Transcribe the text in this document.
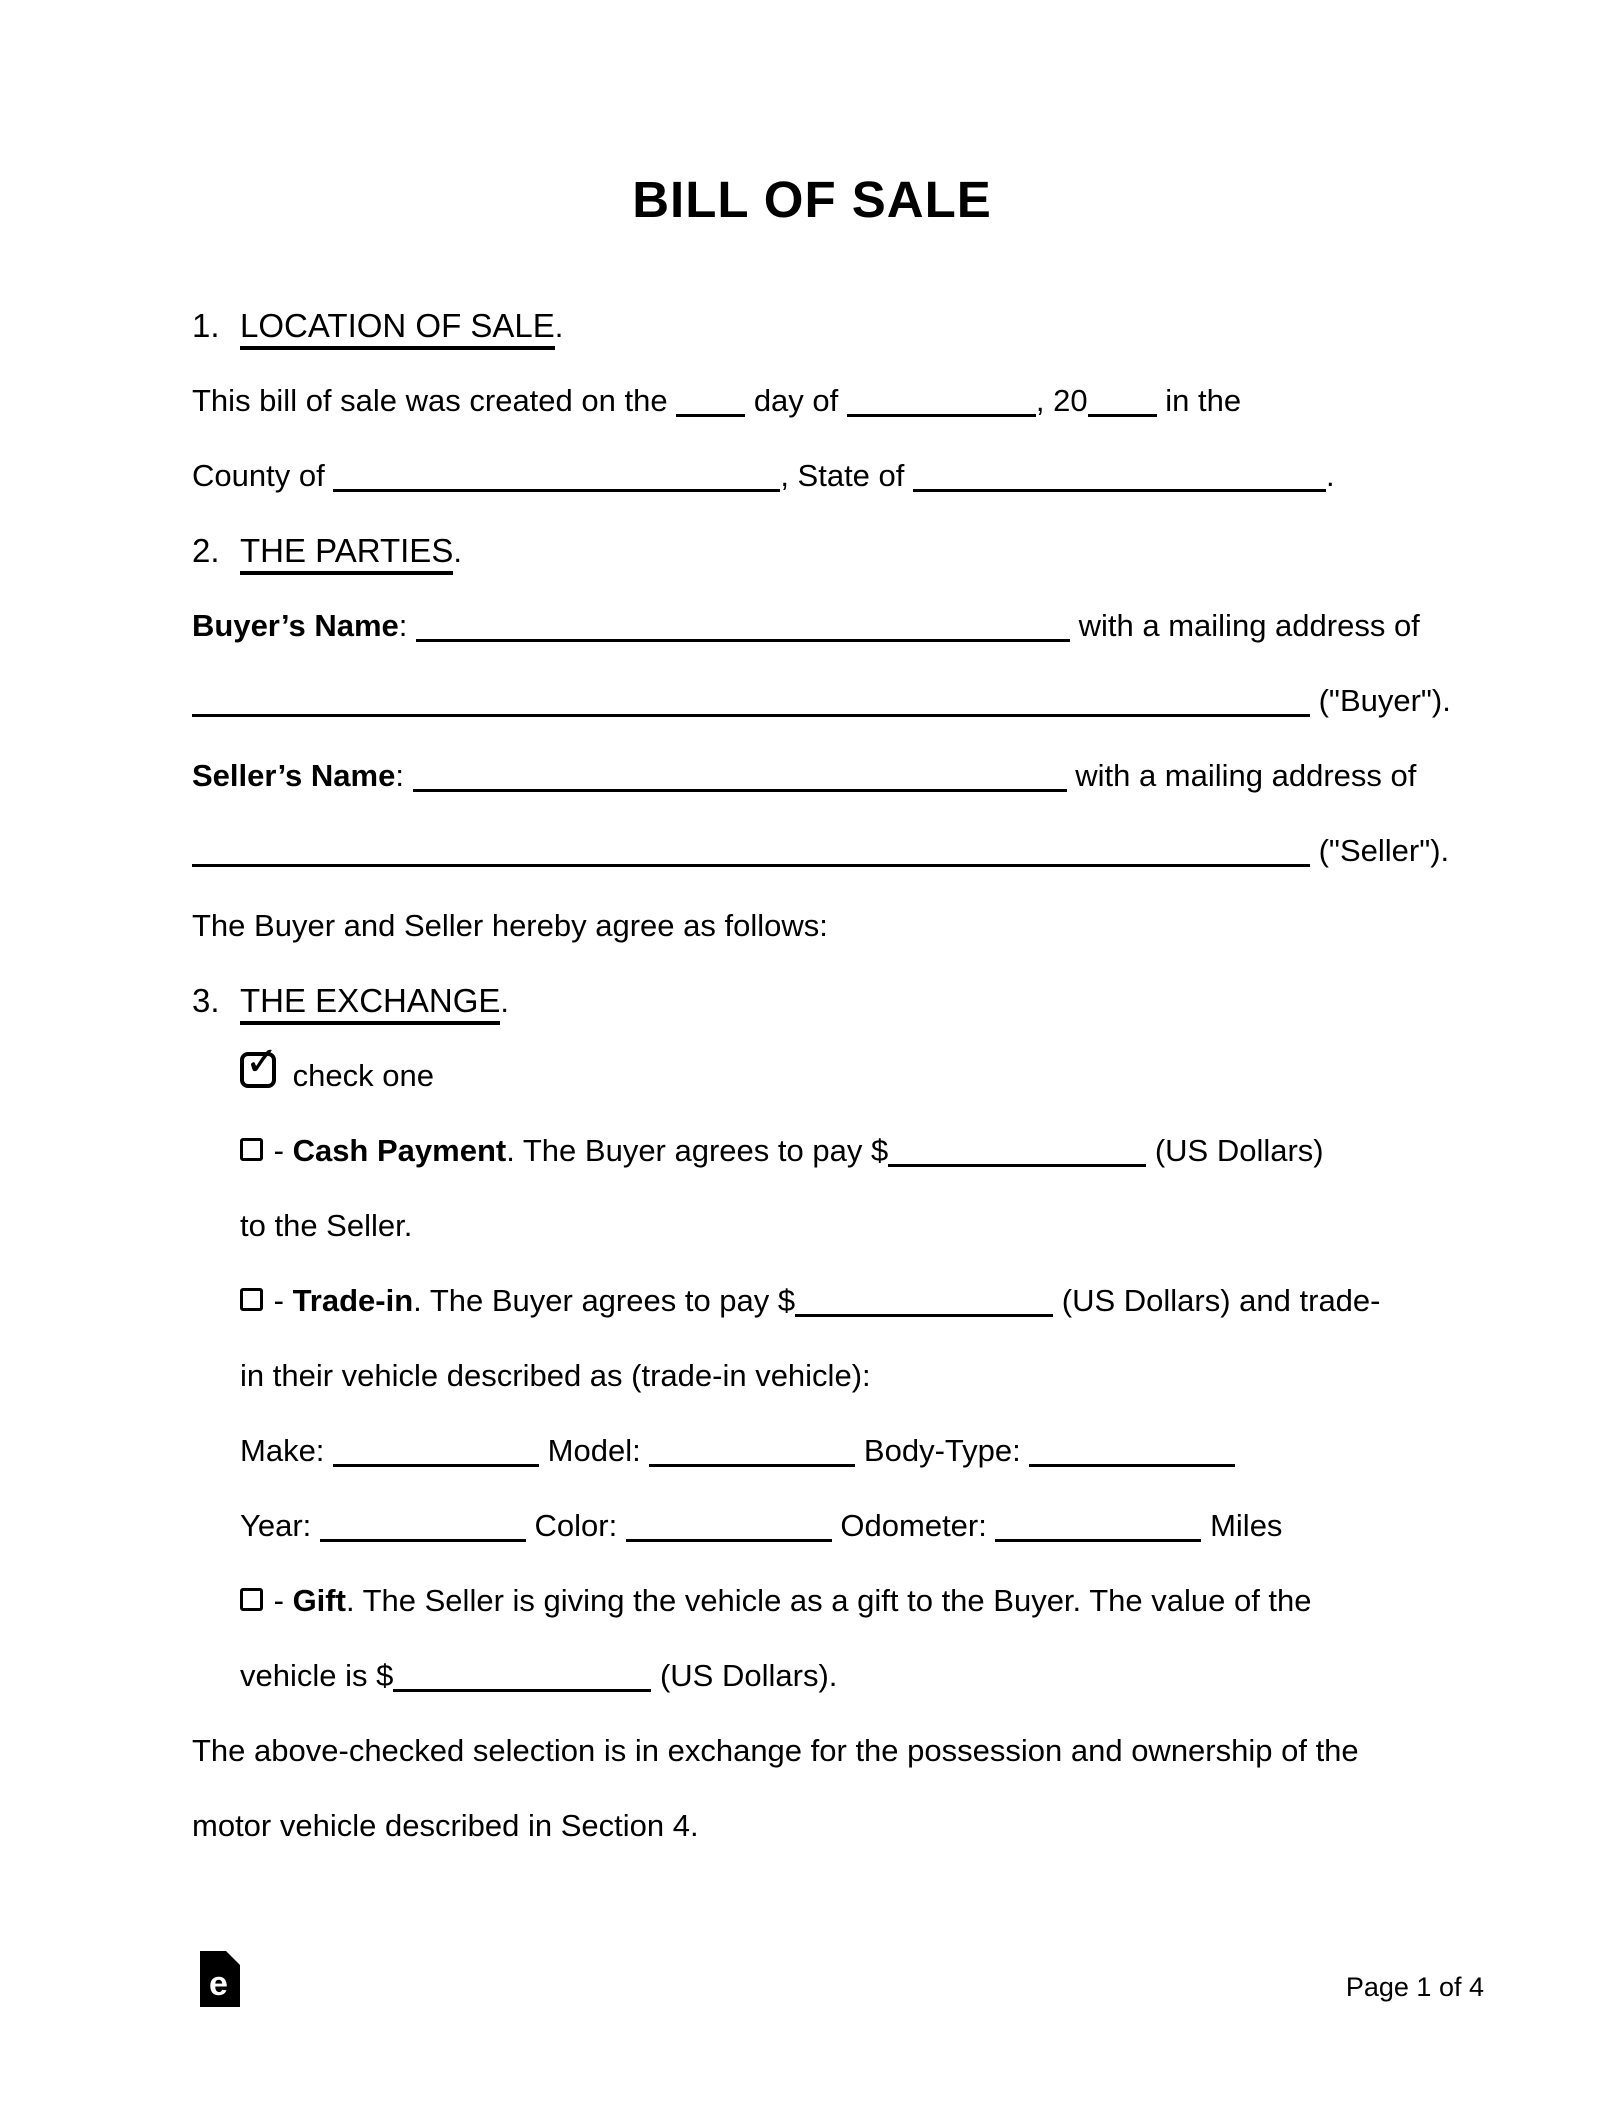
BILL OF SALE
1. LOCATION OF SALE.
This bill of sale was created on the  day of	, 20 in the
County of	, State of	.
2. THE PARTIES.
Buyer’s Name:	with a mailing address of
("Buyer").
Seller’s Name:	with a mailing address of
("Seller").
The Buyer and Seller hereby agree as follows:
3. THE EXCHANGE.
✓ check one
- Cash Payment. The Buyer agrees to pay $	(US Dollars)
to the Seller.
- Trade-in. The Buyer agrees to pay $	(US Dollars) and trade-
in their vehicle described as (trade-in vehicle):
Make:	Model:	Body-Type:
Year:	Color:	Odometer:	Miles
- Gift. The Seller is giving the vehicle as a gift to the Buyer. The value of the
vehicle is $	(US Dollars).
The above-checked selection is in exchange for the possession and ownership of the
motor vehicle described in Section 4.
e	Page 1 of 4
